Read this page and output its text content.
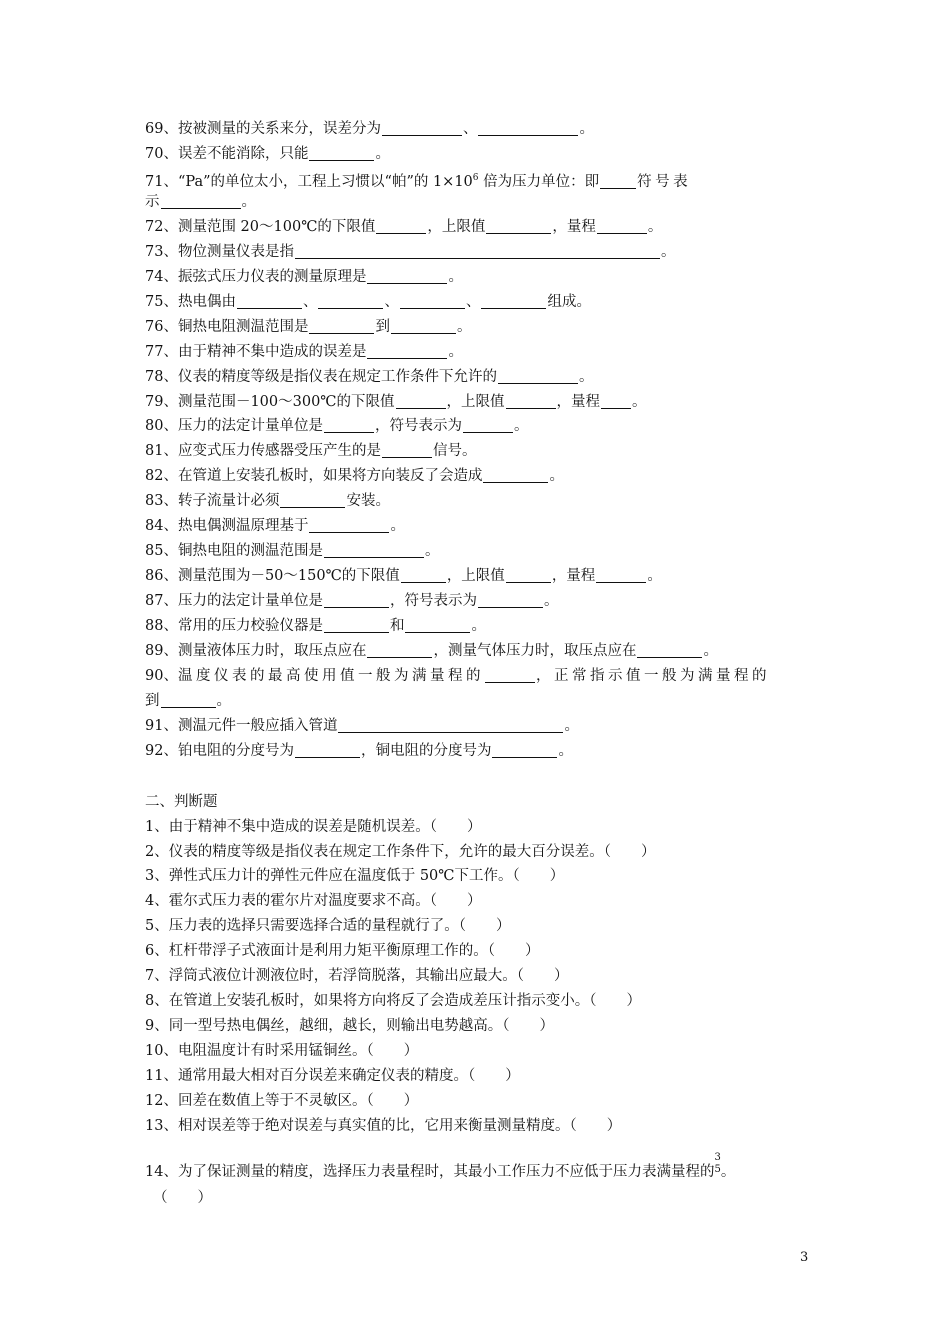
69、按被测量的关系来分，误差分为	、	。
70、误差不能消除，只能	。
71、“Pa”的单位太小，工程上习惯以“帕”的 $1\times 10^6$ 倍为压力单位：即	符号表
示	。
72、测量范围 20～100℃的下限值	，上限值	，量程	。
73、物位测量仪表是指	。
74、振弦式压力仪表的测量原理是	。
75、热电偶由	、	、	、	组成。
76、铜热电阻测温范围是	到	。
77、由于精神不集中造成的误差是	。
78、仪表的精度等级是指仪表在规定工作条件下允许的	。
79、测量范围－100～300℃的下限值	，上限值	，量程 。
80、压力的法定计量单位是	，符号表示为	。
81、应变式压力传感器受压产生的是	信号。
82、在管道上安装孔板时，如果将方向装反了会造成	。
83、转子流量计必须	安装。
84、热电偶测温原理基于	。
85、铜热电阻的测温范围是	。
86、测量范围为－50～150℃的下限值	，上限值	，量程	。
87、压力的法定计量单位是	，符号表示为	。
88、常用的压力校验仪器是	和	。
89、测量液体压力时，取压点应在	，测量气体压力时，取压点应在	。
90、温度仪表的最高使用值一般为满量程的	，正常指示值一般为满量程的
到	。
91、测温元件一般应插入管道	。
92、铂电阻的分度号为	，铜电阻的分度号为	。
二、判断题
1、由于精神不集中造成的误差是随机误差。（ ）
2、仪表的精度等级是指仪表在规定工作条件下，允许的最大百分误差。（ ）
3、弹性式压力计的弹性元件应在温度低于 50℃下工作。（ ）
4、霍尔式压力表的霍尔片对温度要求不高。（ ）
5、压力表的选择只需要选择合适的量程就行了。（ ）
6、杠杆带浮子式液面计是利用力矩平衡原理工作的。（ ）
7、浮筒式液位计测液位时，若浮筒脱落，其输出应最大。（ ）
8、在管道上安装孔板时，如果将方向将反了会造成差压计指示变小。（ ）
9、同一型号热电偶丝，越细，越长，则输出电势越高。（ ）
10、电阻温度计有时采用锰铜丝。（ ）
11、通常用最大相对百分误差来确定仪表的精度。（ ）
12、回差在数值上等于不灵敏区。（ ）
13、相对误差等于绝对误差与真实值的比，它用来衡量测量精度。（ ）
14、为了保证测量的精度，选择压力表量程时，其最小工作压力不应低于压力表满量程的
3
5 。
（ ）
3
